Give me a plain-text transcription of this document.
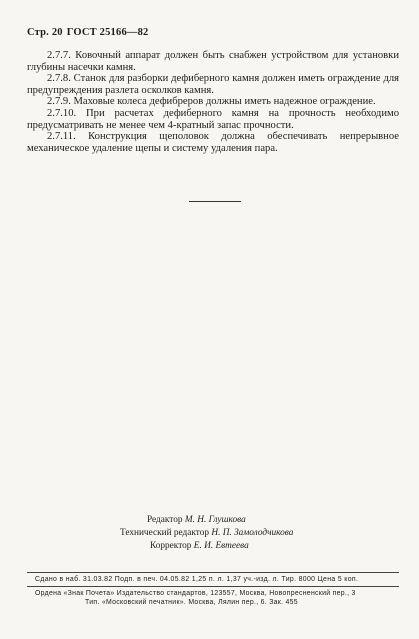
Стр. 20 ГОСТ 25166—82

2.7.7. Ковочный аппарат должен быть снабжен устройством для установки глубины насечки камня.

2.7.8. Станок для разборки дефиберного камня должен иметь ограждение для предупреждения разлета осколков камня.

2.7.9. Маховые колеса дефибреров должны иметь надежное ограждение.

2.7.10. При расчетах дефиберного камня на прочность необходимо предусматривать не менее чем 4-кратный запас прочности.

2.7.11. Конструкция щеполовок должна обеспечивать непрерывное механическое удаление щепы и систему удаления пара.

Редактор М. Н. Глушкова
Технический редактор Н. П. Замолодчикова
Корректор Е. И. Евтеева
Сдано в наб. 31.03.82 Подп. в печ. 04.05.82 1,25 п. л. 1,37 уч.-изд. л. Тир. 8000 Цена 5 коп.
Ордена «Знак Почета» Издательство стандартов, 123557, Москва, Новопресненский пер., 3
Тип. «Московский печатник». Москва, Лялин пер., 6. Зак. 455
